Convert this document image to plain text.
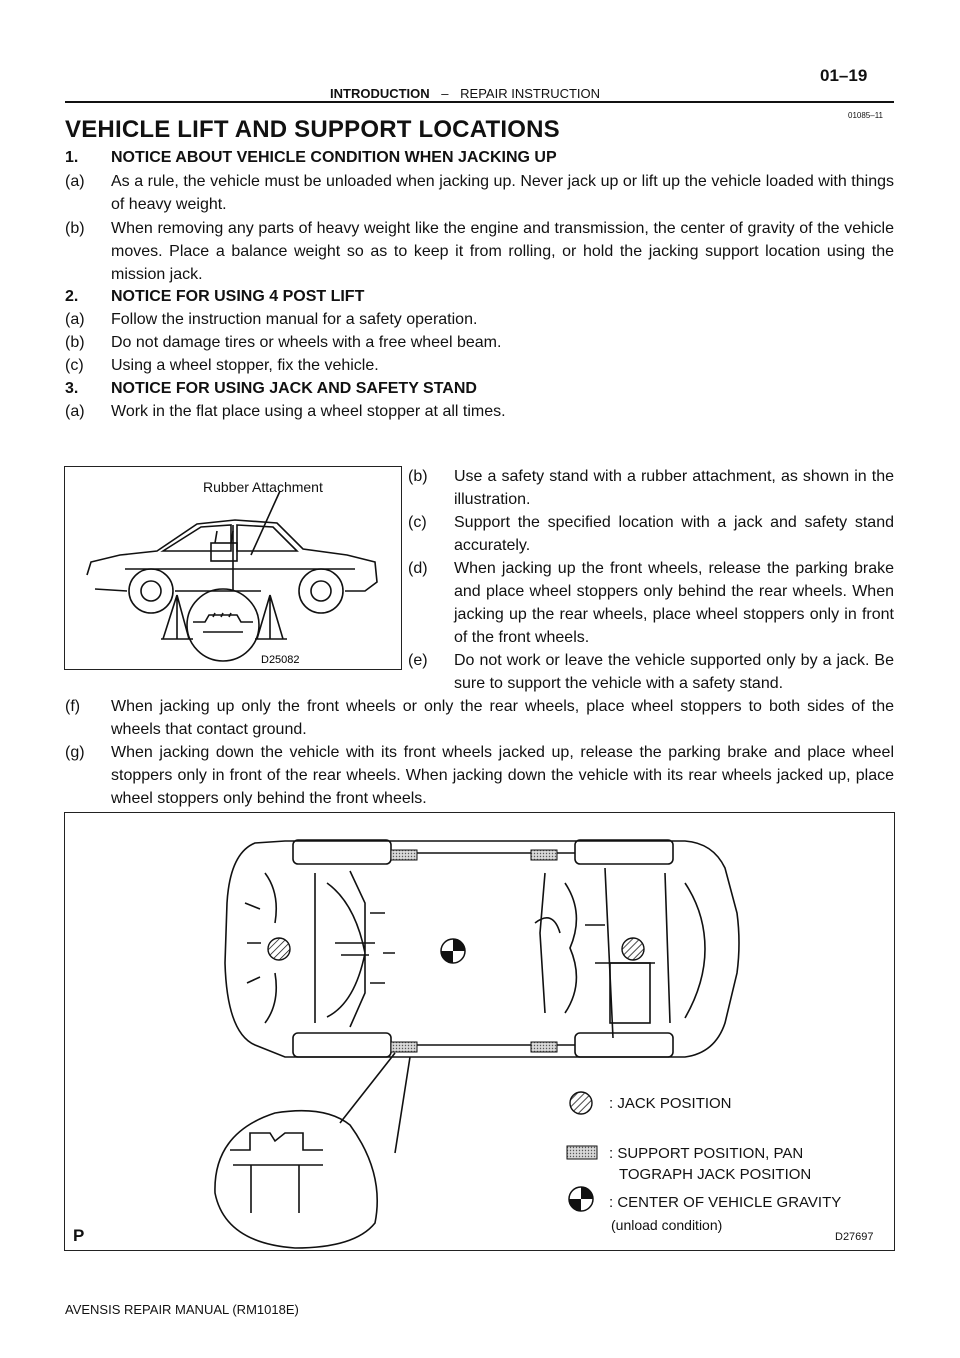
01–19
INTRODUCTION – REPAIR INSTRUCTION
01085–11
VEHICLE LIFT AND SUPPORT LOCATIONS
1. NOTICE ABOUT VEHICLE CONDITION WHEN JACKING UP
(a) As a rule, the vehicle must be unloaded when jacking up. Never jack up or lift up the vehicle loaded with things of heavy weight.
(b) When removing any parts of heavy weight like the engine and transmission, the center of gravity of the vehicle moves. Place a balance weight so as to keep it from rolling, or hold the jacking support location using the mission jack.
2. NOTICE FOR USING 4 POST LIFT
(a) Follow the instruction manual for a safety operation.
(b) Do not damage tires or wheels with a free wheel beam.
(c) Using a wheel stopper, fix the vehicle.
3. NOTICE FOR USING JACK AND SAFETY STAND
(a) Work in the flat place using a wheel stopper at all times.
D25082
Rubber Attachment
(b) Use a safety stand with a rubber attachment, as shown in the illustration.
(c) Support the specified location with a jack and safety stand accurately.
(d) When jacking up the front wheels, release the parking brake and place wheel stoppers only behind the rear wheels. When jacking up the rear wheels, place wheel stoppers only in front of the front wheels.
(e) Do not work or leave the vehicle supported only by a jack. Be sure to support the vehicle with a safety stand.
(f) When jacking up only the front wheels or only the rear wheels, place wheel stoppers to both sides of the wheels that contact ground.
(g) When jacking down the vehicle with its front wheels jacked up, release the parking brake and place wheel stoppers only in front of the rear wheels. When jacking down the vehicle with its rear wheels jacked up, place wheel stoppers only behind the front wheels.
: JACK POSITION
: SUPPORT POSITION, PAN
TOGRAPH JACK POSITION
: CENTER OF VEHICLE GRAVITY
(unload condition)
P	D27697
AVENSIS REPAIR MANUAL (RM1018E)
